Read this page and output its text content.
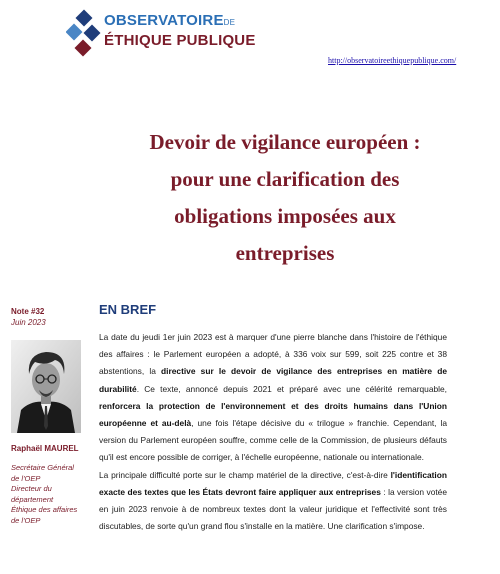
OBSERVATOIREDE
ÉTHIQUE PUBLIQUE
http://observatoireethiquepublique.com/
Devoir de vigilance européen :
pour une clarification des
obligations imposées aux
entreprises
Note #32
Juin 2023
Raphaël MAUREL
Secrétaire Général
de l'OEP
Directeur du
département
Éthique des affaires
de l'OEP
EN BREF

La date du jeudi 1er juin 2023 est à marquer d'une pierre blanche dans l'histoire de l'éthique des affaires : le Parlement européen a adopté, à 336 voix sur 599, soit 225 contre et 38 abstentions, la directive sur le devoir de vigilance des entreprises en matière de durabilité. Ce texte, annoncé depuis 2021 et préparé avec une célérité remarquable, renforcera la protection de l'environnement et des droits humains dans l'Union européenne et au-delà, une fois l'étape décisive du « trilogue » franchie. Cependant, la version du Parlement européen souffre, comme celle de la Commission, de plusieurs défauts qu'il est encore possible de corriger, à l'échelle européenne, nationale ou internationale.

La principale difficulté porte sur le champ matériel de la directive, c'est-à-dire l'identification exacte des textes que les États devront faire appliquer aux entreprises : la version votée en juin 2023 renvoie à de nombreux textes dont la valeur juridique et l'effectivité sont très discutables, de sorte qu'un grand flou s'installe en la matière. Une clarification s'impose.
